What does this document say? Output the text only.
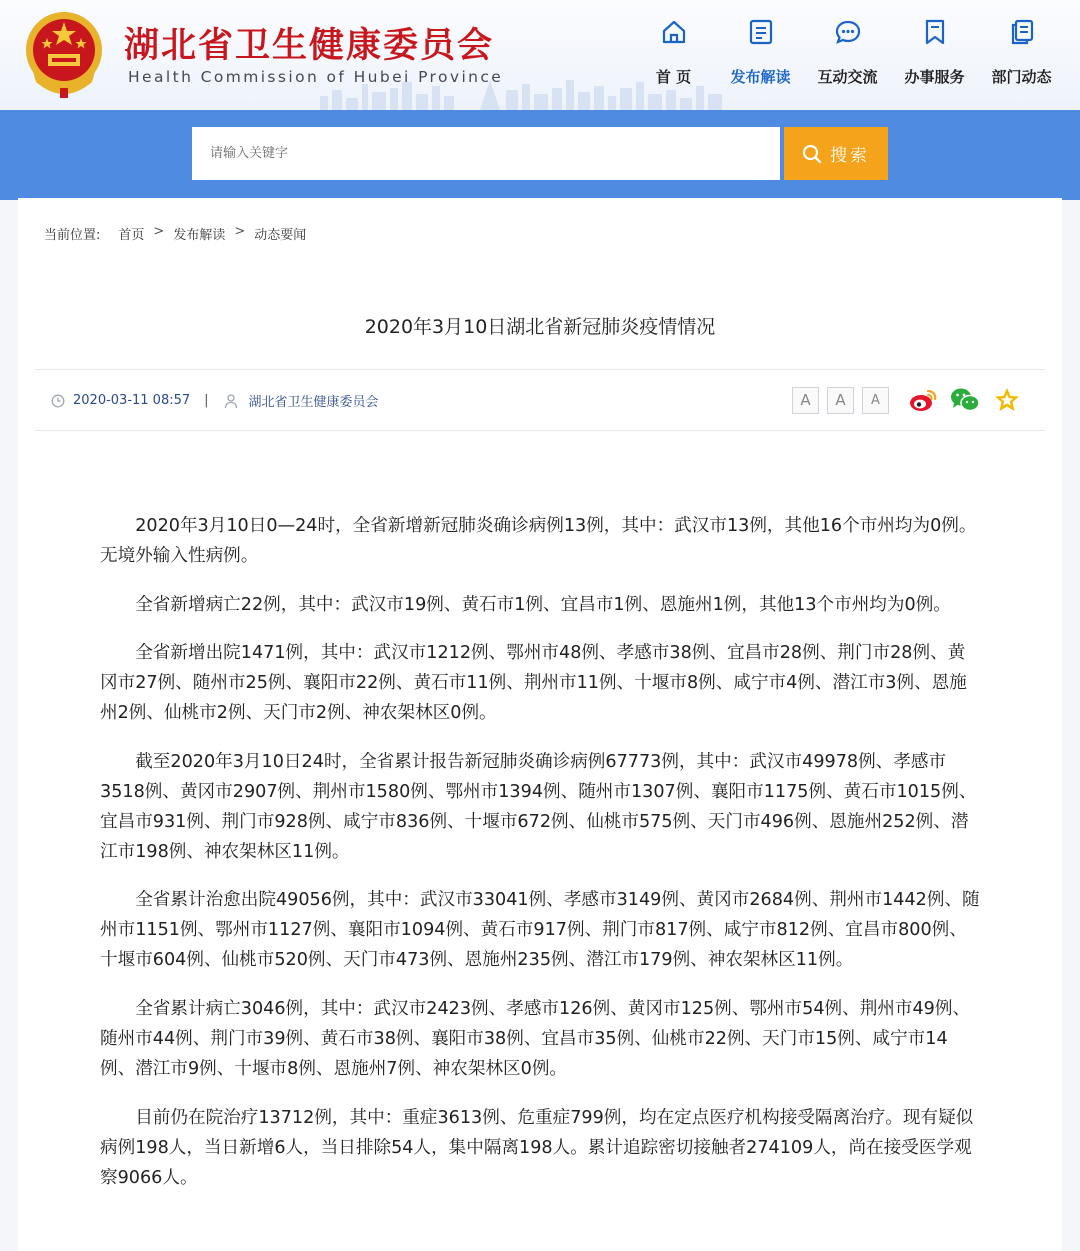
湖北省卫生健康委员会
Health Commission of Hubei Province	首 页	发布解读	互动交流	办事服务	部门动态
请输入关键字
搜索
当前位置: 首页 > 发布解读 > 动态要闻
2020年3月10日湖北省新冠肺炎疫情情况
2020-03-11 08:57 |	湖北省卫生健康委员会	A A A

2020年3月10日0—24时，全省新增新冠肺炎确诊病例13例，其中：武汉市13例，其他16个市州均为0例。无境外输入性病例。

全省新增病亡22例，其中：武汉市19例、黄石市1例、宜昌市1例、恩施州1例，其他13个市州均为0例。

全省新增出院1471例，其中：武汉市1212例、鄂州市48例、孝感市38例、宜昌市28例、荆门市28例、黄冈市27例、随州市25例、襄阳市22例、黄石市11例、荆州市11例、十堰市8例、咸宁市4例、潜江市3例、恩施州2例、仙桃市2例、天门市2例、神农架林区0例。

截至2020年3月10日24时，全省累计报告新冠肺炎确诊病例67773例，其中：武汉市49978例、孝感市3518例、黄冈市2907例、荆州市1580例、鄂州市1394例、随州市1307例、襄阳市1175例、黄石市1015例、宜昌市931例、荆门市928例、咸宁市836例、十堰市672例、仙桃市575例、天门市496例、恩施州252例、潜江市198例、神农架林区11例。

全省累计治愈出院49056例，其中：武汉市33041例、孝感市3149例、黄冈市2684例、荆州市1442例、随州市1151例、鄂州市1127例、襄阳市1094例、黄石市917例、荆门市817例、咸宁市812例、宜昌市800例、十堰市604例、仙桃市520例、天门市473例、恩施州235例、潜江市179例、神农架林区11例。

全省累计病亡3046例，其中：武汉市2423例、孝感市126例、黄冈市125例、鄂州市54例、荆州市49例、随州市44例、荆门市39例、黄石市38例、襄阳市38例、宜昌市35例、仙桃市22例、天门市15例、咸宁市14例、潜江市9例、十堰市8例、恩施州7例、神农架林区0例。

目前仍在院治疗13712例，其中：重症3613例、危重症799例，均在定点医疗机构接受隔离治疗。现有疑似病例198人，当日新增6人，当日排除54人，集中隔离198人。累计追踪密切接触者274109人，尚在接受医学观察9066人。
